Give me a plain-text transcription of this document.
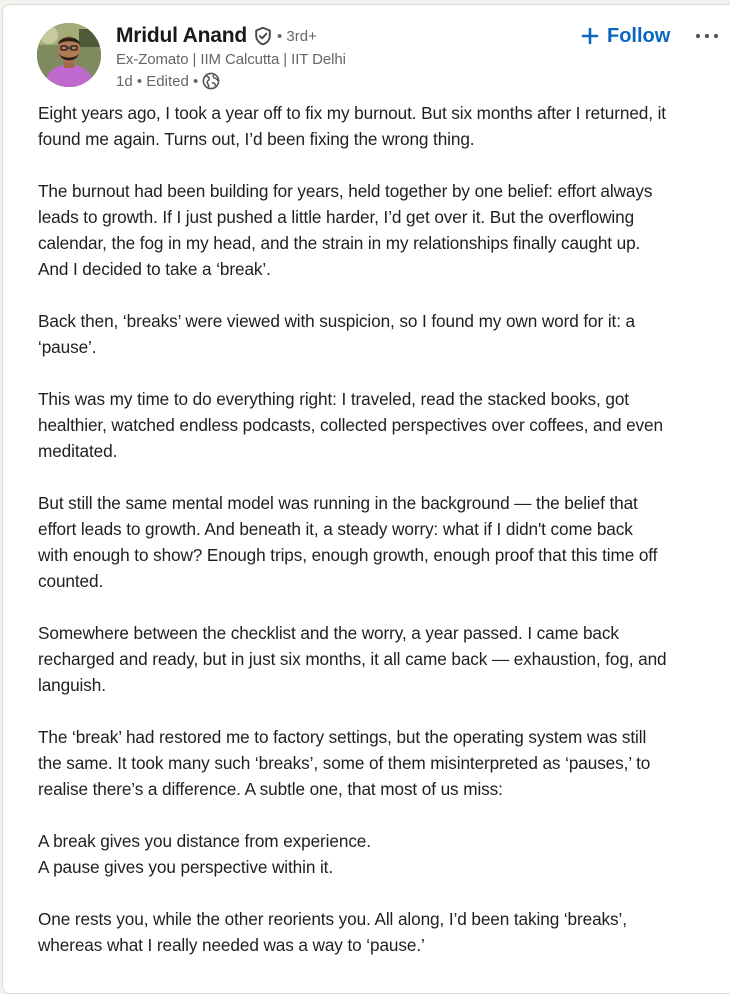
Mridul Anand • 3rd+
Ex-Zomato | IIM Calcutta | IIT Delhi
1d • Edited •
Follow

Eight years ago, I took a year off to fix my burnout. But six months after I returned, it
found me again. Turns out, I’d been fixing the wrong thing.

The burnout had been building for years, held together by one belief: effort always
leads to growth. If I just pushed a little harder, I’d get over it. But the overflowing
calendar, the fog in my head, and the strain in my relationships finally caught up.
And I decided to take a ‘break’.

Back then, ‘breaks’ were viewed with suspicion, so I found my own word for it: a
‘pause’.

This was my time to do everything right: I traveled, read the stacked books, got
healthier, watched endless podcasts, collected perspectives over coffees, and even
meditated.

But still the same mental model was running in the background — the belief that
effort leads to growth. And beneath it, a steady worry: what if I didn't come back
with enough to show? Enough trips, enough growth, enough proof that this time off
counted.

Somewhere between the checklist and the worry, a year passed. I came back
recharged and ready, but in just six months, it all came back — exhaustion, fog, and
languish.

The ‘break’ had restored me to factory settings, but the operating system was still
the same. It took many such ‘breaks’, some of them misinterpreted as ‘pauses,’ to
realise there’s a difference. A subtle one, that most of us miss:

A break gives you distance from experience.
A pause gives you perspective within it.

One rests you, while the other reorients you. All along, I’d been taking ‘breaks’,
whereas what I really needed was a way to ‘pause.’
